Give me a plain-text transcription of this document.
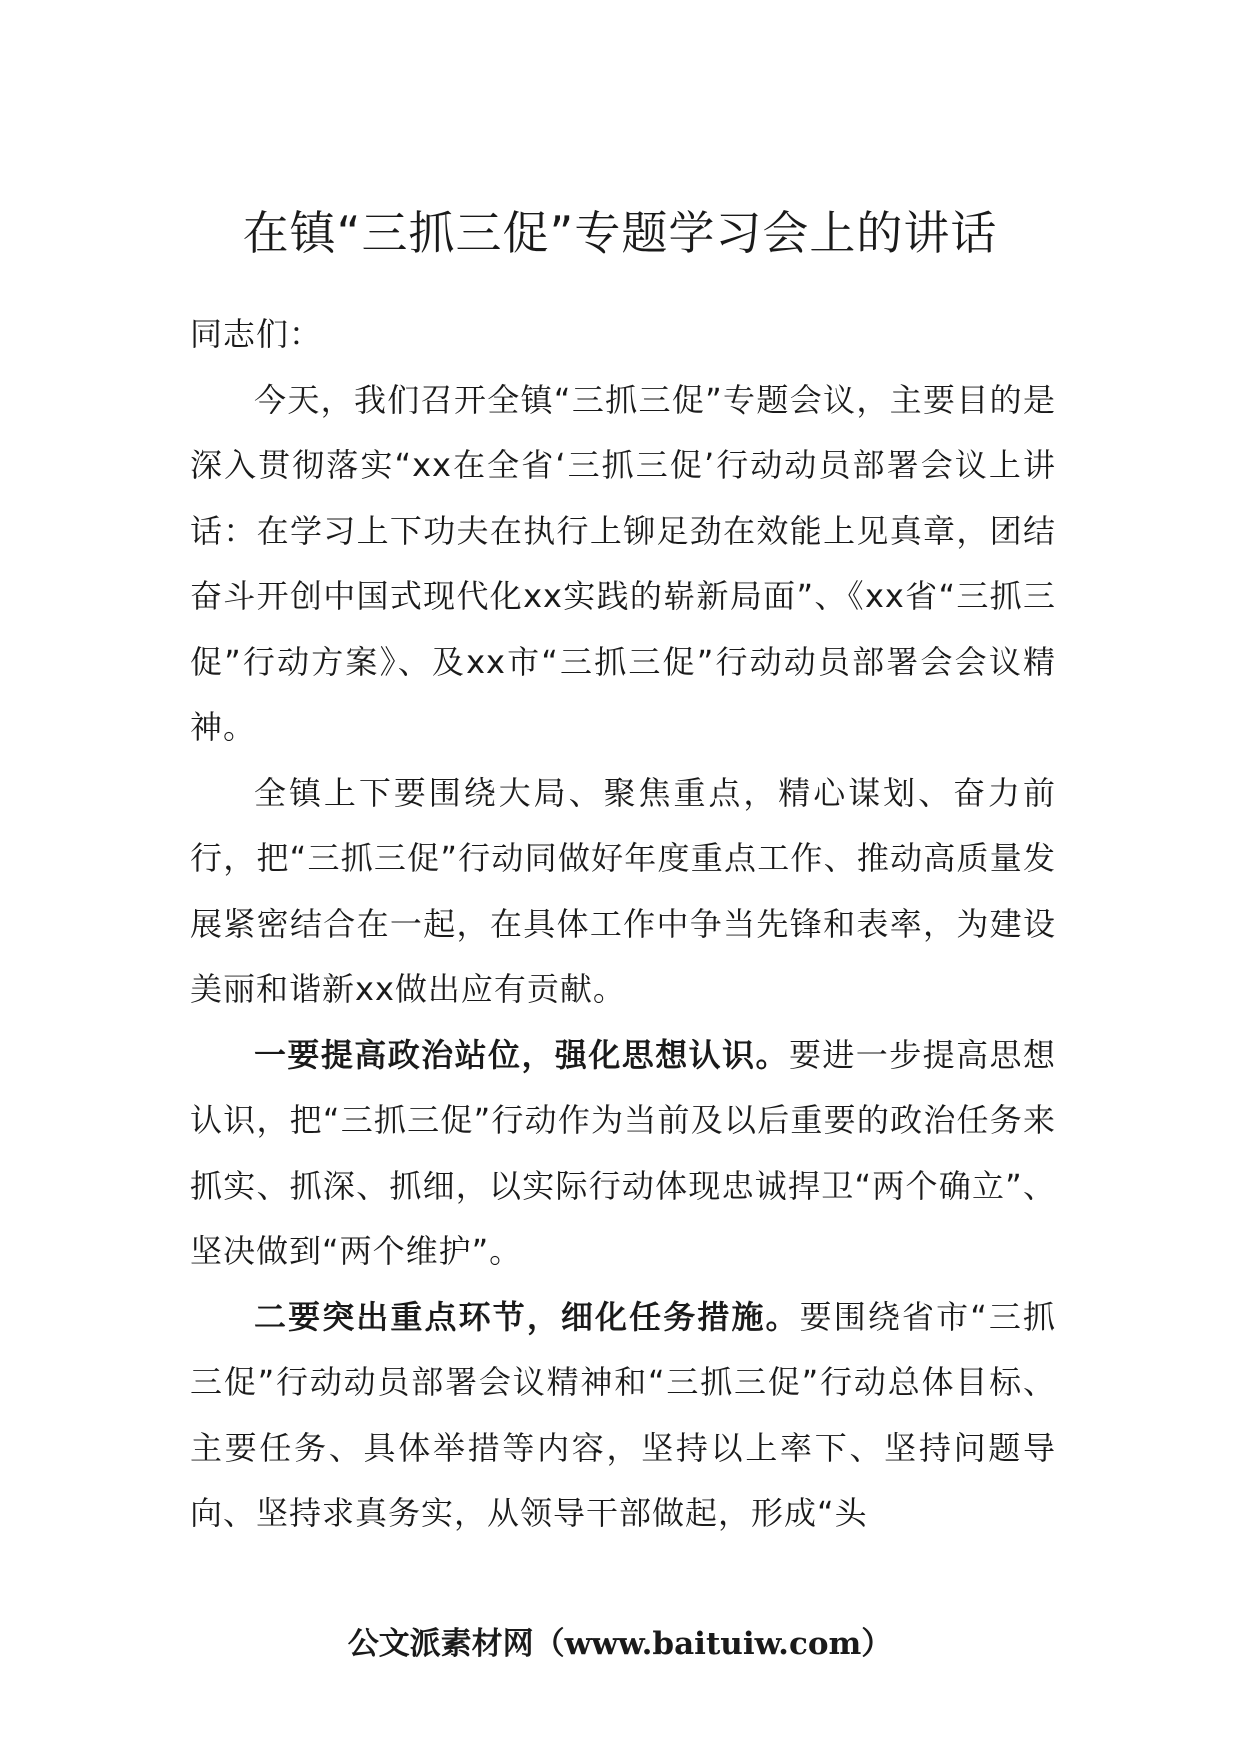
在镇“三抓三促”专题学习会上的讲话

同志们：

今天，我们召开全镇“三抓三促”专题会议，主要目的是深入贯彻落实“xx在全省‘三抓三促’行动动员部署会议上讲话：在学习上下功夫在执行上铆足劲在效能上见真章，团结奋斗开创中国式现代化xx实践的崭新局面”、《xx省“三抓三促”行动方案》、及xx市“三抓三促”行动动员部署会会议精神。

全镇上下要围绕大局、聚焦重点，精心谋划、奋力前行，把“三抓三促”行动同做好年度重点工作、推动高质量发展紧密结合在一起，在具体工作中争当先锋和表率，为建设美丽和谐新xx做出应有贡献。

一要提高政治站位，强化思想认识。要进一步提高思想认识，把“三抓三促”行动作为当前及以后重要的政治任务来抓实、抓深、抓细，以实际行动体现忠诚捍卫“两个确立”、坚决做到“两个维护”。

二要突出重点环节，细化任务措施。要围绕省市“三抓三促”行动动员部署会议精神和“三抓三促”行动总体目标、主要任务、具体举措等内容，坚持以上率下、坚持问题导向、坚持求真务实，从领导干部做起，形成“头

公文派素材网（www.baituiw.com）
